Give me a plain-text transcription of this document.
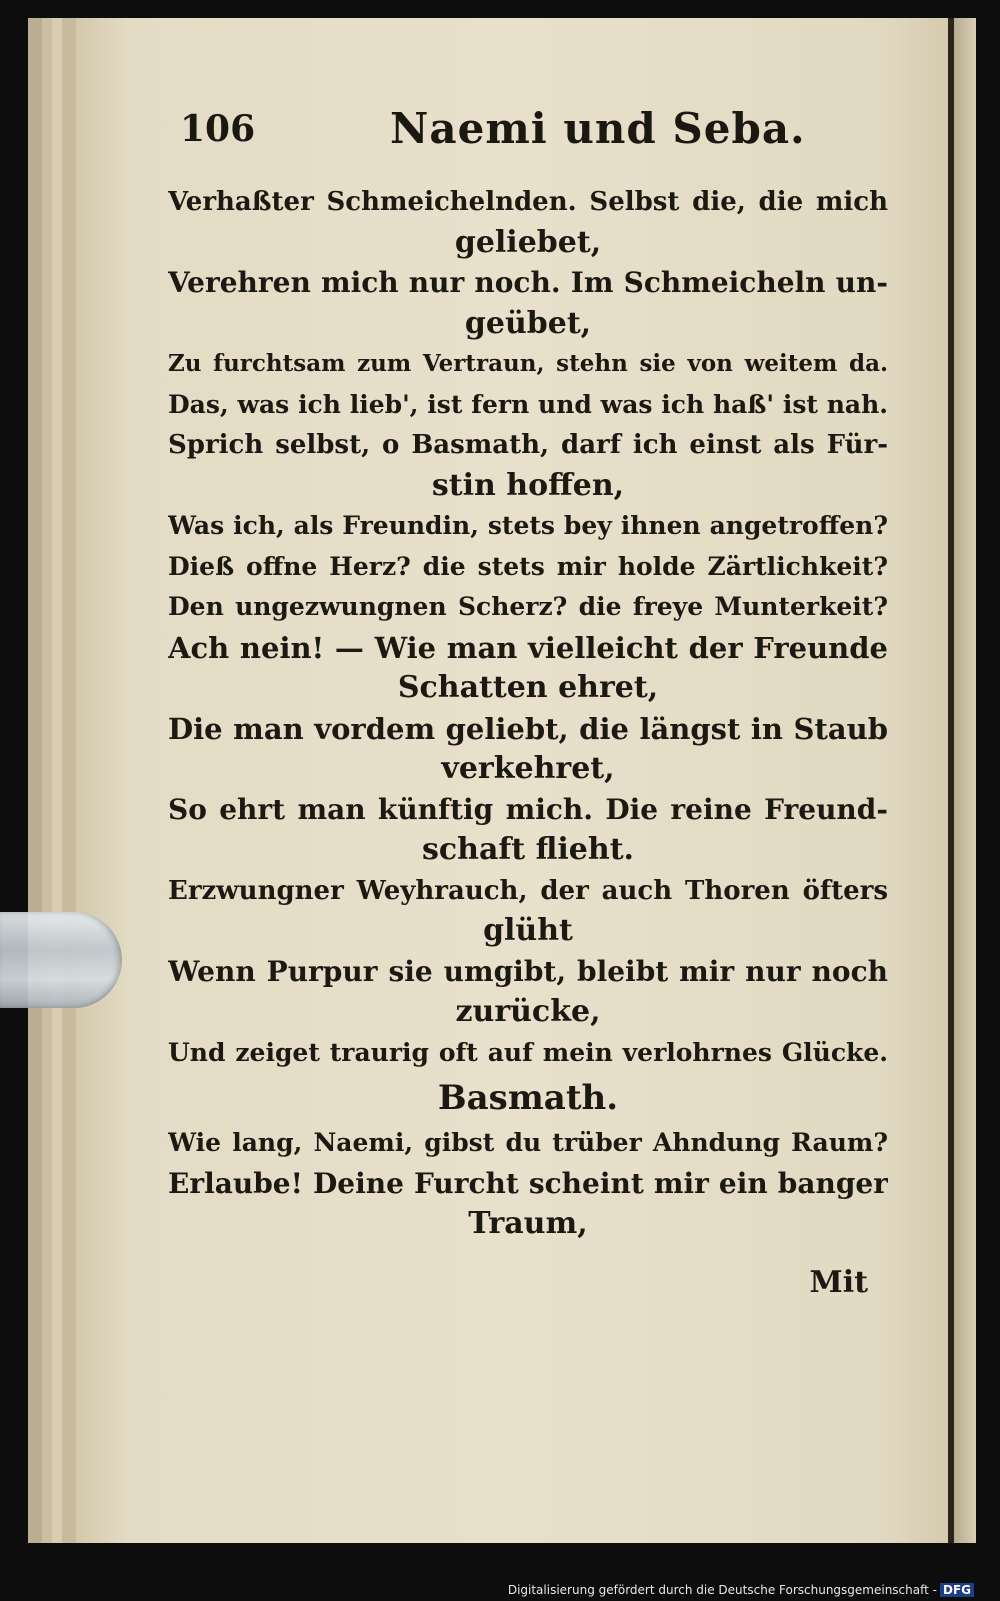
106	Naemi und Seba.
Verhaßter Schmeichelnden. Selbst die, die mich
geliebet,
Verehren mich nur noch. Im Schmeicheln un-
geübet,
Zu furchtsam zum Vertraun, stehn sie von weitem da.
Das, was ich lieb', ist fern und was ich haß' ist nah.
Sprich selbst, o Basmath, darf ich einst als Für-
stin hoffen,
Was ich, als Freundin, stets bey ihnen angetroffen?
Dieß offne Herz? die stets mir holde Zärtlichkeit?
Den ungezwungnen Scherz? die freye Munterkeit?
Ach nein! — Wie man vielleicht der Freunde
Schatten ehret,
Die man vordem geliebt, die längst in Staub
verkehret,
So ehrt man künftig mich. Die reine Freund-
schaft flieht.
Erzwungner Weyhrauch, der auch Thoren öfters
glüht
Wenn Purpur sie umgibt, bleibt mir nur noch
zurücke,
Und zeiget traurig oft auf mein verlohrnes Glücke.
Basmath.
Wie lang, Naemi, gibst du trüber Ahndung Raum?
Erlaube! Deine Furcht scheint mir ein banger
Traum,
Mit
Digitalisierung gefördert durch die Deutsche Forschungsgemeinschaft - DFG
